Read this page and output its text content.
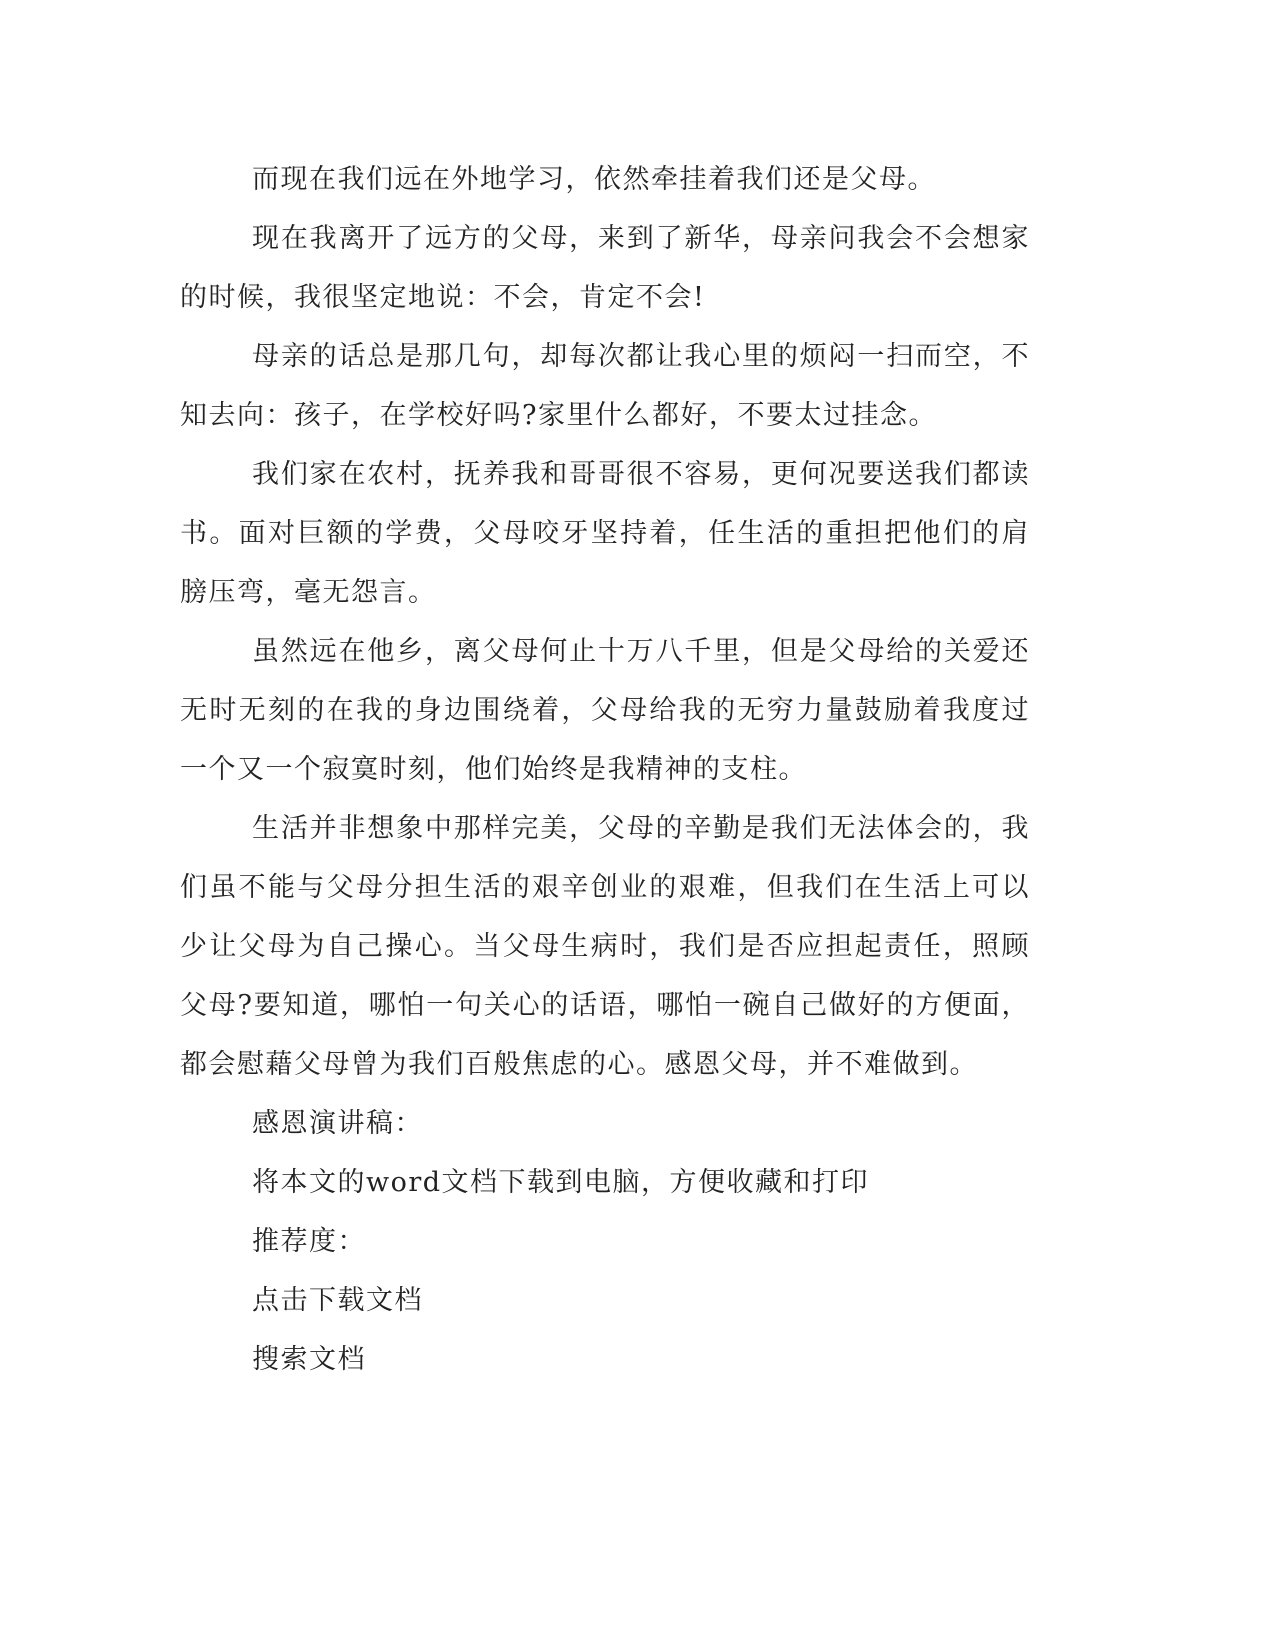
而现在我们远在外地学习，依然牵挂着我们还是父母。

现在我离开了远方的父母，来到了新华，母亲问我会不会想家的时候，我很坚定地说：不会，肯定不会!

母亲的话总是那几句，却每次都让我心里的烦闷一扫而空，不知去向：孩子，在学校好吗?家里什么都好，不要太过挂念。

我们家在农村，抚养我和哥哥很不容易，更何况要送我们都读书。面对巨额的学费，父母咬牙坚持着，任生活的重担把他们的肩膀压弯，毫无怨言。

虽然远在他乡，离父母何止十万八千里，但是父母给的关爱还无时无刻的在我的身边围绕着，父母给我的无穷力量鼓励着我度过一个又一个寂寞时刻，他们始终是我精神的支柱。

生活并非想象中那样完美，父母的辛勤是我们无法体会的，我们虽不能与父母分担生活的艰辛创业的艰难，但我们在生活上可以少让父母为自己操心。当父母生病时，我们是否应担起责任，照顾父母?要知道，哪怕一句关心的话语，哪怕一碗自己做好的方便面，都会慰藉父母曾为我们百般焦虑的心。感恩父母，并不难做到。

感恩演讲稿：

将本文的word文档下载到电脑，方便收藏和打印

推荐度：

点击下载文档

搜索文档
